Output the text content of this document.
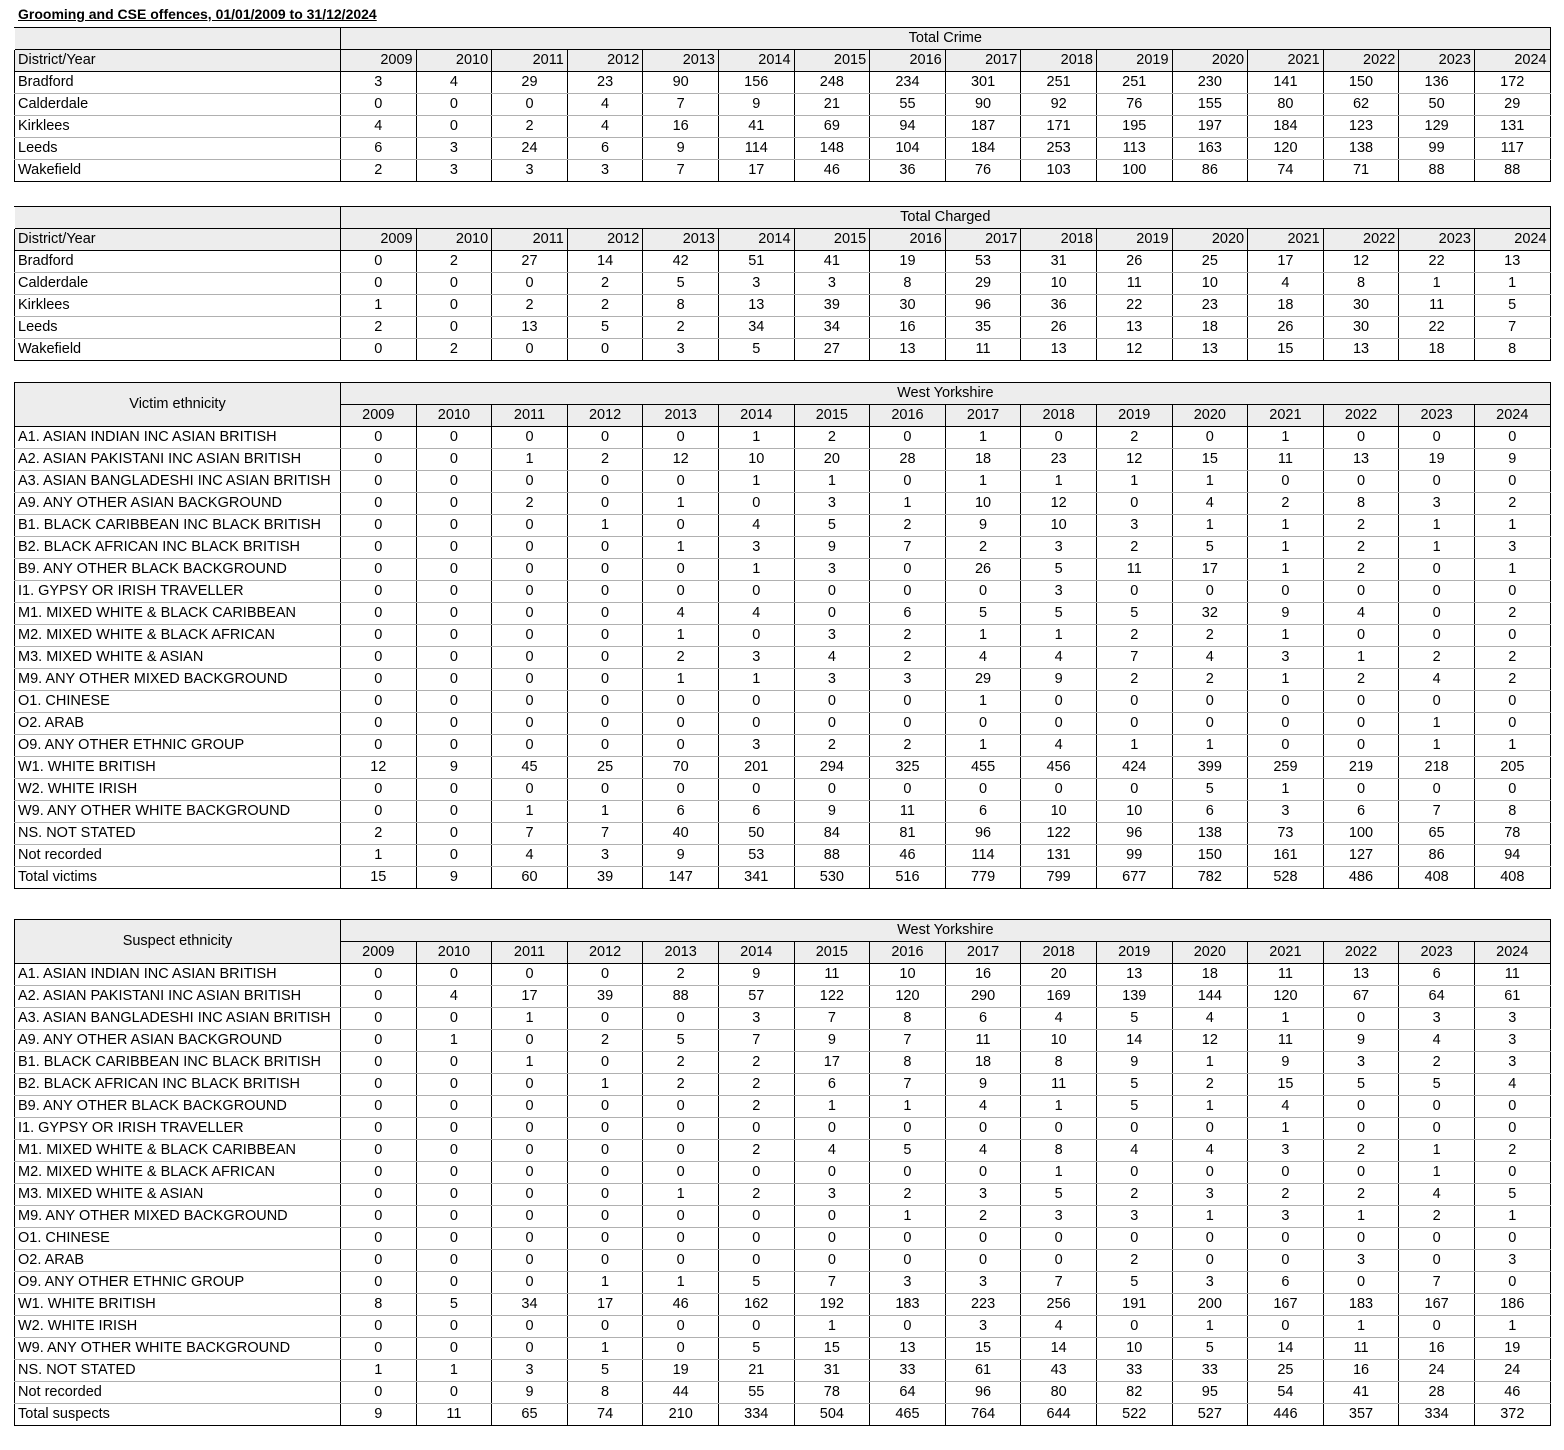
Grooming and CSE offences, 01/01/2009 to 31/12/2024
	Total Crime															
District/Year	2009	2010	2011	2012	2013	2014	2015	2016	2017	2018	2019	2020	2021	2022	2023	2024
Bradford	3	4	29	23	90	156	248	234	301	251	251	230	141	150	136	172
Calderdale	0	0	0	4	7	9	21	55	90	92	76	155	80	62	50	29
Kirklees	4	0	2	4	16	41	69	94	187	171	195	197	184	123	129	131
Leeds	6	3	24	6	9	114	148	104	184	253	113	163	120	138	99	117
Wakefield	2	3	3	3	7	17	46	36	76	103	100	86	74	71	88	88
	Total Charged															
District/Year	2009	2010	2011	2012	2013	2014	2015	2016	2017	2018	2019	2020	2021	2022	2023	2024
Bradford	0	2	27	14	42	51	41	19	53	31	26	25	17	12	22	13
Calderdale	0	0	0	2	5	3	3	8	29	10	11	10	4	8	1	1
Kirklees	1	0	2	2	8	13	39	30	96	36	22	23	18	30	11	5
Leeds	2	0	13	5	2	34	34	16	35	26	13	18	26	30	22	7
Wakefield	0	2	0	0	3	5	27	13	11	13	12	13	15	13	18	8
Victim ethnicity	West Yorkshire															
	2009	2010	2011	2012	2013	2014	2015	2016	2017	2018	2019	2020	2021	2022	2023	2024
A1. ASIAN INDIAN INC ASIAN BRITISH	0	0	0	0	0	1	2	0	1	0	2	0	1	0	0	0
A2. ASIAN PAKISTANI INC ASIAN BRITISH	0	0	1	2	12	10	20	28	18	23	12	15	11	13	19	9
A3. ASIAN BANGLADESHI INC ASIAN BRITISH	0	0	0	0	0	1	1	0	1	1	1	1	0	0	0	0
A9. ANY OTHER ASIAN BACKGROUND	0	0	2	0	1	0	3	1	10	12	0	4	2	8	3	2
B1. BLACK CARIBBEAN INC BLACK BRITISH	0	0	0	1	0	4	5	2	9	10	3	1	1	2	1	1
B2. BLACK AFRICAN INC BLACK BRITISH	0	0	0	0	1	3	9	7	2	3	2	5	1	2	1	3
B9. ANY OTHER BLACK BACKGROUND	0	0	0	0	0	1	3	0	26	5	11	17	1	2	0	1
I1. GYPSY OR IRISH TRAVELLER	0	0	0	0	0	0	0	0	0	3	0	0	0	0	0	0
M1. MIXED WHITE & BLACK CARIBBEAN	0	0	0	0	4	4	0	6	5	5	5	32	9	4	0	2
M2. MIXED WHITE & BLACK AFRICAN	0	0	0	0	1	0	3	2	1	1	2	2	1	0	0	0
M3. MIXED WHITE & ASIAN	0	0	0	0	2	3	4	2	4	4	7	4	3	1	2	2
M9. ANY OTHER MIXED BACKGROUND	0	0	0	0	1	1	3	3	29	9	2	2	1	2	4	2
O1. CHINESE	0	0	0	0	0	0	0	0	1	0	0	0	0	0	0	0
O2. ARAB	0	0	0	0	0	0	0	0	0	0	0	0	0	0	1	0
O9. ANY OTHER ETHNIC GROUP	0	0	0	0	0	3	2	2	1	4	1	1	0	0	1	1
W1. WHITE BRITISH	12	9	45	25	70	201	294	325	455	456	424	399	259	219	218	205
W2. WHITE IRISH	0	0	0	0	0	0	0	0	0	0	0	5	1	0	0	0
W9. ANY OTHER WHITE BACKGROUND	0	0	1	1	6	6	9	11	6	10	10	6	3	6	7	8
NS. NOT STATED	2	0	7	7	40	50	84	81	96	122	96	138	73	100	65	78
Not recorded	1	0	4	3	9	53	88	46	114	131	99	150	161	127	86	94
Total victims	15	9	60	39	147	341	530	516	779	799	677	782	528	486	408	408
Suspect ethnicity	West Yorkshire															
	2009	2010	2011	2012	2013	2014	2015	2016	2017	2018	2019	2020	2021	2022	2023	2024
A1. ASIAN INDIAN INC ASIAN BRITISH	0	0	0	0	2	9	11	10	16	20	13	18	11	13	6	11
A2. ASIAN PAKISTANI INC ASIAN BRITISH	0	4	17	39	88	57	122	120	290	169	139	144	120	67	64	61
A3. ASIAN BANGLADESHI INC ASIAN BRITISH	0	0	1	0	0	3	7	8	6	4	5	4	1	0	3	3
A9. ANY OTHER ASIAN BACKGROUND	0	1	0	2	5	7	9	7	11	10	14	12	11	9	4	3
B1. BLACK CARIBBEAN INC BLACK BRITISH	0	0	1	0	2	2	17	8	18	8	9	1	9	3	2	3
B2. BLACK AFRICAN INC BLACK BRITISH	0	0	0	1	2	2	6	7	9	11	5	2	15	5	5	4
B9. ANY OTHER BLACK BACKGROUND	0	0	0	0	0	2	1	1	4	1	5	1	4	0	0	0
I1. GYPSY OR IRISH TRAVELLER	0	0	0	0	0	0	0	0	0	0	0	0	1	0	0	0
M1. MIXED WHITE & BLACK CARIBBEAN	0	0	0	0	0	2	4	5	4	8	4	4	3	2	1	2
M2. MIXED WHITE & BLACK AFRICAN	0	0	0	0	0	0	0	0	0	1	0	0	0	0	1	0
M3. MIXED WHITE & ASIAN	0	0	0	0	1	2	3	2	3	5	2	3	2	2	4	5
M9. ANY OTHER MIXED BACKGROUND	0	0	0	0	0	0	0	1	2	3	3	1	3	1	2	1
O1. CHINESE	0	0	0	0	0	0	0	0	0	0	0	0	0	0	0	0
O2. ARAB	0	0	0	0	0	0	0	0	0	0	2	0	0	3	0	3
O9. ANY OTHER ETHNIC GROUP	0	0	0	1	1	5	7	3	3	7	5	3	6	0	7	0
W1. WHITE BRITISH	8	5	34	17	46	162	192	183	223	256	191	200	167	183	167	186
W2. WHITE IRISH	0	0	0	0	0	0	1	0	3	4	0	1	0	1	0	1
W9. ANY OTHER WHITE BACKGROUND	0	0	0	1	0	5	15	13	15	14	10	5	14	11	16	19
NS. NOT STATED	1	1	3	5	19	21	31	33	61	43	33	33	25	16	24	24
Not recorded	0	0	9	8	44	55	78	64	96	80	82	95	54	41	28	46
Total suspects	9	11	65	74	210	334	504	465	764	644	522	527	446	357	334	372
